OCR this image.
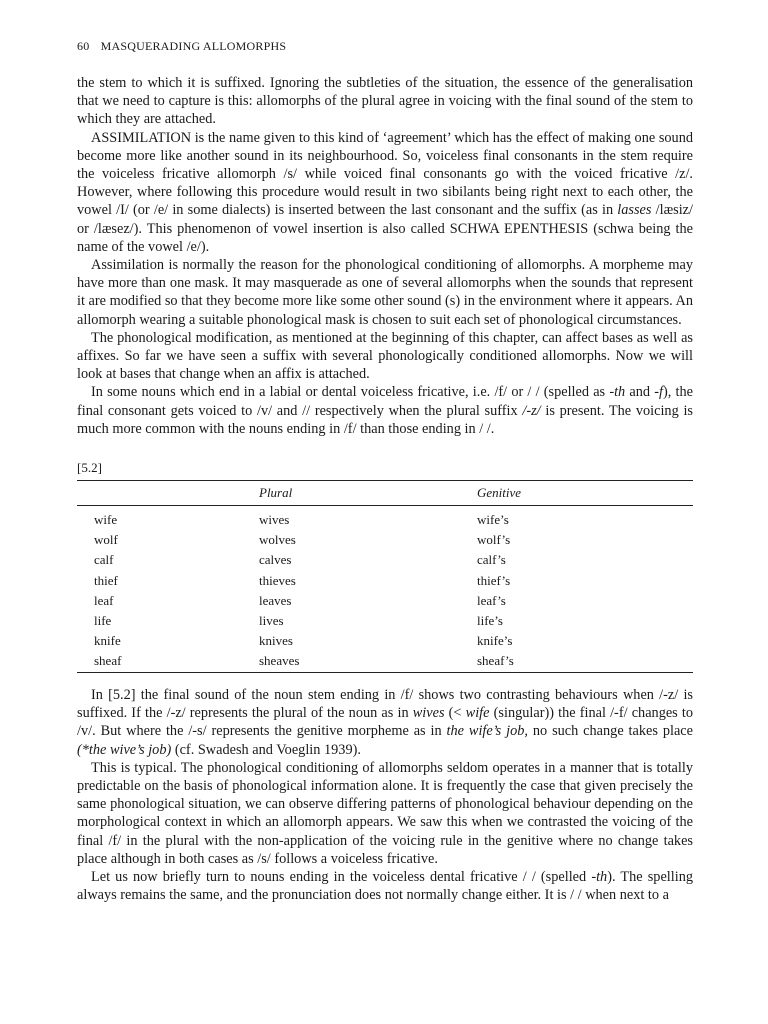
60 MASQUERADING ALLOMORPHS

the stem to which it is suffixed. Ignoring the subtleties of the situation, the essence of the generalisation that we need to capture is this: allomorphs of the plural agree in voicing with the final sound of the stem to which they are attached.

ASSIMILATION is the name given to this kind of ‘agreement’ which has the effect of making one sound become more like another sound in its neighbourhood. So, voiceless final consonants in the stem require the voiceless fricative allomorph /s/ while voiced final consonants go with the voiced fricative /z/. However, where following this procedure would result in two sibilants being right next to each other, the vowel /I/ (or /e/ in some dialects) is inserted between the last consonant and the suffix (as in lasses /læsiz/ or /læsez/). This phenomenon of vowel insertion is also called SCHWA EPENTHESIS (schwa being the name of the vowel /e/).

Assimilation is normally the reason for the phonological conditioning of allomorphs. A morpheme may have more than one mask. It may masquerade as one of several allomorphs when the sounds that represent it are modified so that they become more like some other sound (s) in the environment where it appears. An allomorph wearing a suitable phonological mask is chosen to suit each set of phonological circumstances.

The phonological modification, as mentioned at the beginning of this chapter, can affect bases as well as affixes. So far we have seen a suffix with several phonologically conditioned allomorphs. Now we will look at bases that change when an affix is attached.

In some nouns which end in a labial or dental voiceless fricative, i.e. /f/ or / / (spelled as -th and -f), the final consonant gets voiced to /v/ and // respectively when the plural suffix /-z/ is present. The voicing is much more common with the nouns ending in /f/ than those ending in / /.

[5.2]
	Plural	Genitive
wife	wives	wife’s
wolf	wolves	wolf’s
calf	calves	calf’s
thief	thieves	thief’s
leaf	leaves	leaf’s
life	lives	life’s
knife	knives	knife’s
sheaf	sheaves	sheaf’s

In [5.2] the final sound of the noun stem ending in /f/ shows two contrasting behaviours when /-z/ is suffixed. If the /-z/ represents the plural of the noun as in wives (< wife (singular)) the final /-f/ changes to /v/. But where the /-s/ represents the genitive morpheme as in the wife’s job, no such change takes place (*the wive’s job) (cf. Swadesh and Voeglin 1939).

This is typical. The phonological conditioning of allomorphs seldom operates in a manner that is totally predictable on the basis of phonological information alone. It is frequently the case that given precisely the same phonological situation, we can observe differing patterns of phonological behaviour depending on the morphological context in which an allomorph appears. We saw this when we contrasted the voicing of the final /f/ in the plural with the non-application of the voicing rule in the genitive where no change takes place although in both cases as /s/ follows a voiceless fricative.

Let us now briefly turn to nouns ending in the voiceless dental fricative / / (spelled -th). The spelling always remains the same, and the pronunciation does not normally change either. It is / / when next to a
